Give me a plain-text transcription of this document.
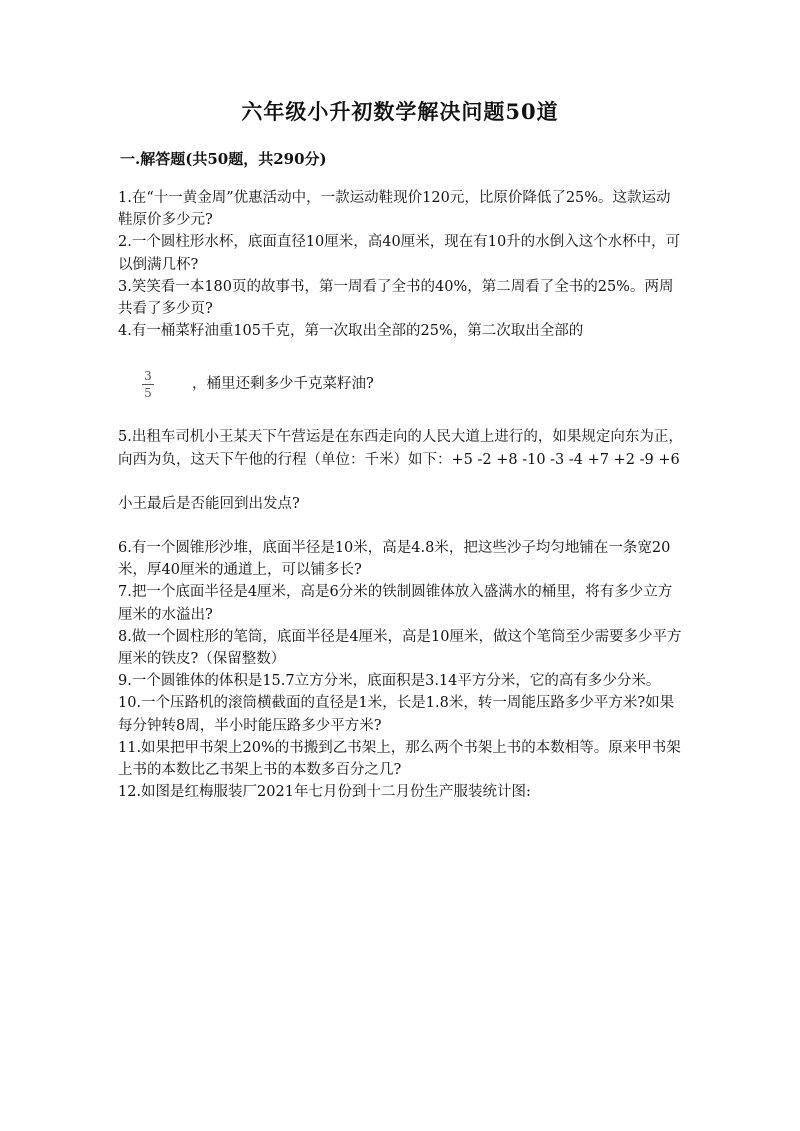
六年级小升初数学解决问题50道
一.解答题(共50题，共290分)

1.在“十一黄金周”优惠活动中，一款运动鞋现价120元，比原价降低了25%。这款运动鞋原价多少元?

2.一个圆柱形水杯，底面直径10厘米，高40厘米，现在有10升的水倒入这个水杯中，可以倒满几杯?

3.笑笑看一本180页的故事书，第一周看了全书的40%，第二周看了全书的25%。两周共看了多少页?

4.有一桶菜籽油重105千克，第一次取出全部的25%，第二次取出全部的

$\frac{3}{5}$	，桶里还剩多少千克菜籽油?

5.出租车司机小王某天下午营运是在东西走向的人民大道上进行的，如果规定向东为正，向西为负，这天下午他的行程（单位：千米）如下：+5 -2 +8 -10 -3 -4 +7 +2 -9 +6

小王最后是否能回到出发点?

6.有一个圆锥形沙堆，底面半径是10米，高是4.8米，把这些沙子均匀地铺在一条宽20米，厚40厘米的通道上，可以铺多长?

7.把一个底面半径是4厘米，高是6分米的铁制圆锥体放入盛满水的桶里，将有多少立方厘米的水溢出?

8.做一个圆柱形的笔筒，底面半径是4厘米，高是10厘米，做这个笔筒至少需要多少平方厘米的铁皮?（保留整数）

9.一个圆锥体的体积是15.7立方分米，底面积是3.14平方分米，它的高有多少分米。

10.一个压路机的滚筒横截面的直径是1米，长是1.8米，转一周能压路多少平方米?如果每分钟转8周，半小时能压路多少平方米?

11.如果把甲书架上20%的书搬到乙书架上，那么两个书架上书的本数相等。原来甲书架上书的本数比乙书架上书的本数多百分之几?

12.如图是红梅服装厂2021年七月份到十二月份生产服装统计图:
